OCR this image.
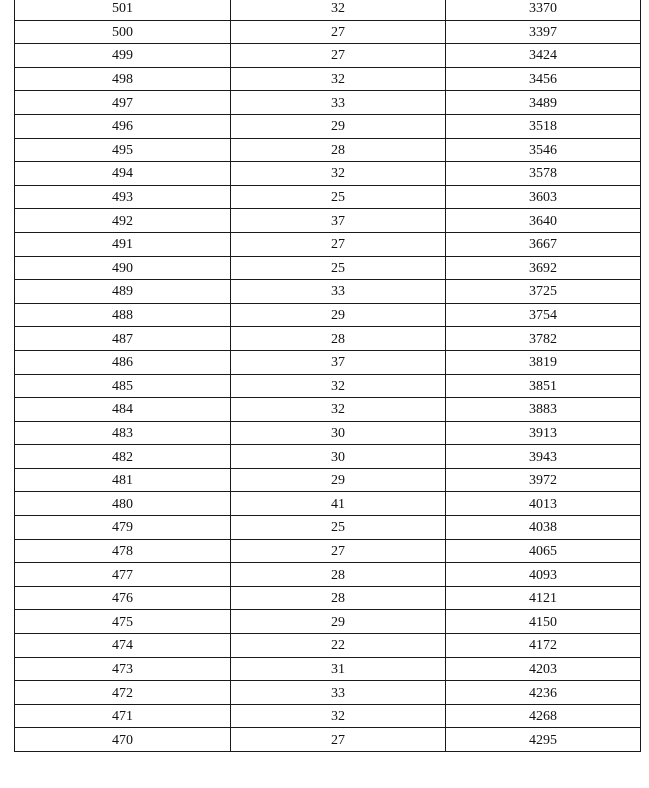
501	32	3370
500	27	3397
499	27	3424
498	32	3456
497	33	3489
496	29	3518
495	28	3546
494	32	3578
493	25	3603
492	37	3640
491	27	3667
490	25	3692
489	33	3725
488	29	3754
487	28	3782
486	37	3819
485	32	3851
484	32	3883
483	30	3913
482	30	3943
481	29	3972
480	41	4013
479	25	4038
478	27	4065
477	28	4093
476	28	4121
475	29	4150
474	22	4172
473	31	4203
472	33	4236
471	32	4268
470	27	4295
